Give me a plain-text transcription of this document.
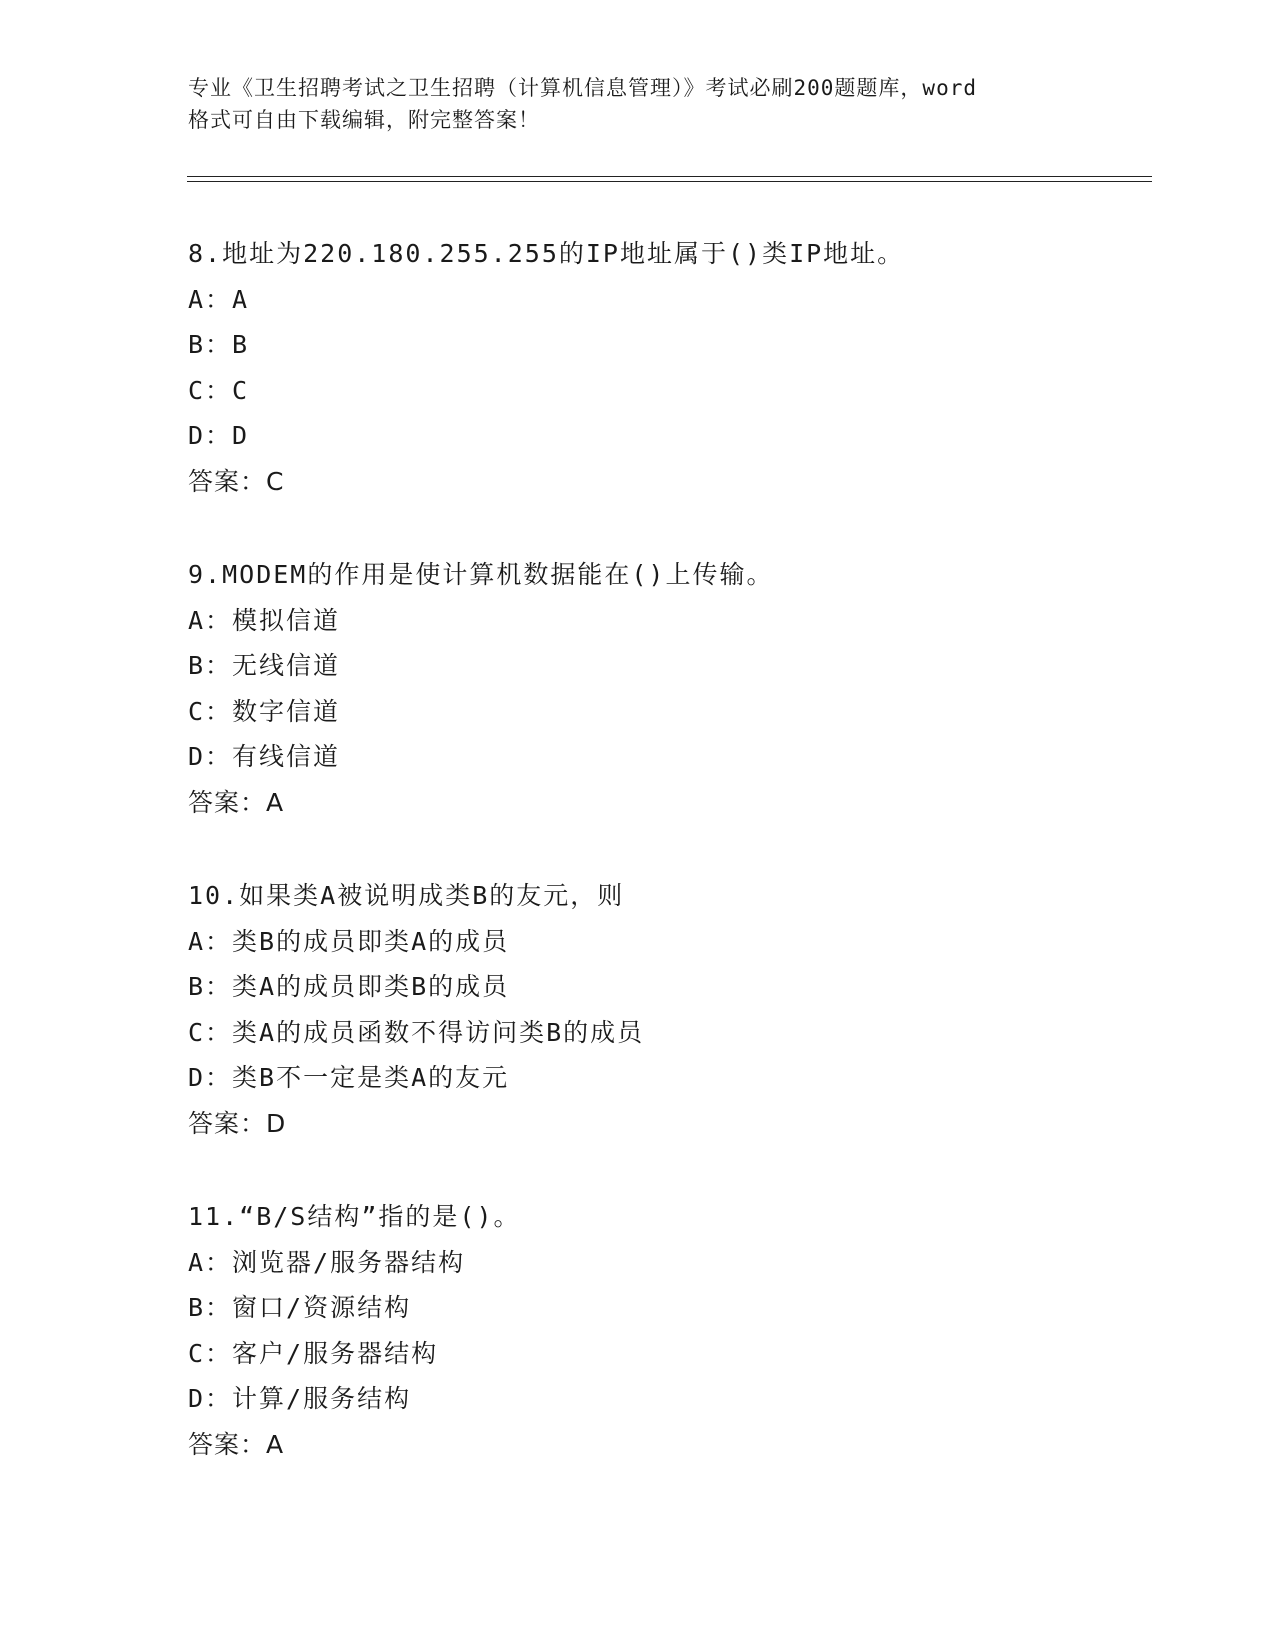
专业《卫生招聘考试之卫生招聘（计算机信息管理）》考试必刷200题题库，word
格式可自由下载编辑，附完整答案！
8.地址为220.180.255.255的IP地址属于()类IP地址。
A：A
B：B
C：C
D：D
答案：C
9.MODEM的作用是使计算机数据能在()上传输。
A：模拟信道
B：无线信道
C：数字信道
D：有线信道
答案：A
10.如果类A被说明成类B的友元，则
A：类B的成员即类A的成员
B：类A的成员即类B的成员
C：类A的成员函数不得访问类B的成员
D：类B不一定是类A的友元
答案：D
11.“B/S结构”指的是()。
A：浏览器/服务器结构
B：窗口/资源结构
C：客户/服务器结构
D：计算/服务结构
答案：A
